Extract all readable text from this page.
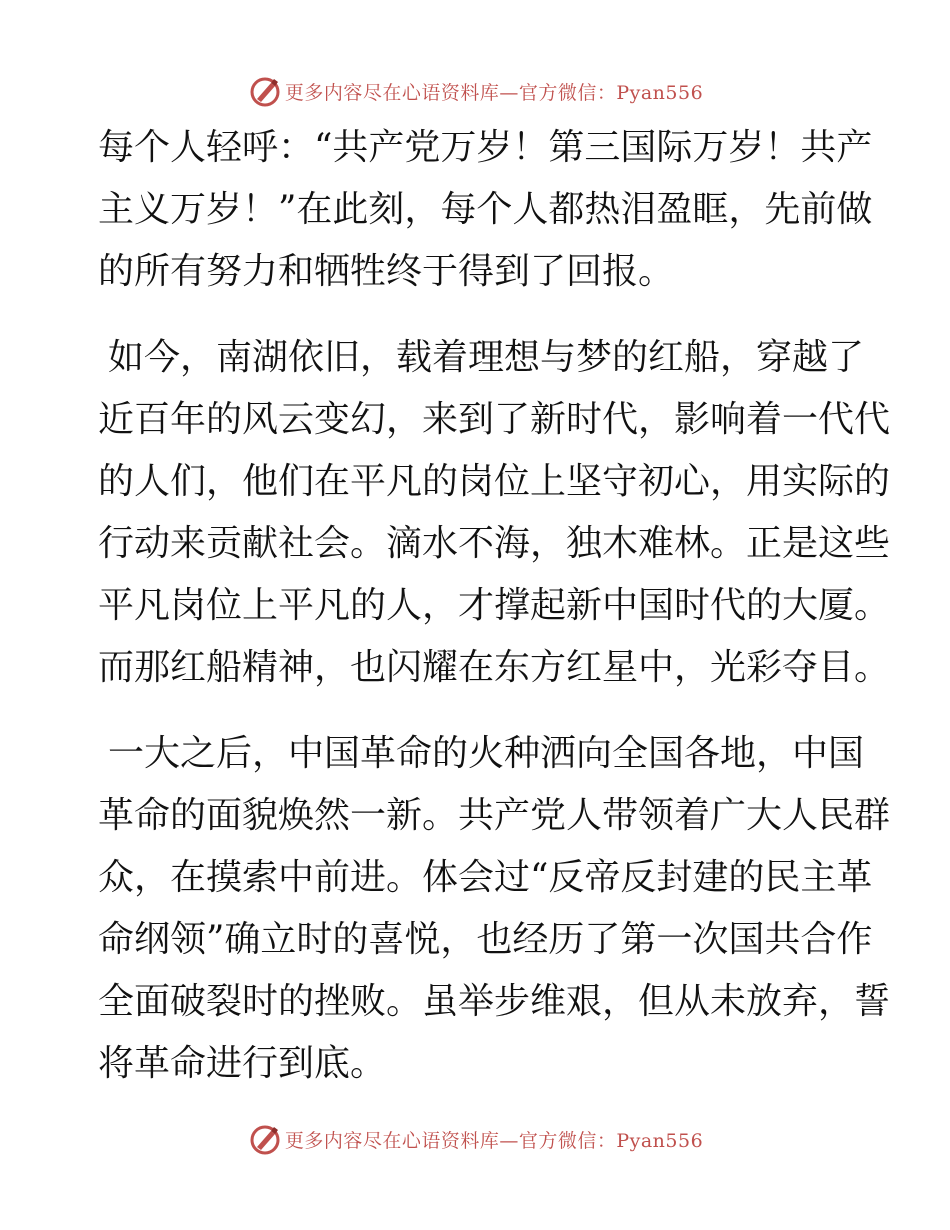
更多内容尽在心语资料库—官方微信：Pyan556
每个人轻呼：“共产党万岁！第三国际万岁！共产
主义万岁！”在此刻，每个人都热泪盈眶，先前做
的所有努力和牺牲终于得到了回报。
如今，南湖依旧，载着理想与梦的红船，穿越了
近百年的风云变幻，来到了新时代，影响着一代代
的人们，他们在平凡的岗位上坚守初心，用实际的
行动来贡献社会。滴水不海，独木难林。正是这些
平凡岗位上平凡的人，才撑起新中国时代的大厦。
而那红船精神，也闪耀在东方红星中，光彩夺目。
一大之后，中国革命的火种洒向全国各地，中国
革命的面貌焕然一新。共产党人带领着广大人民群
众，在摸索中前进。体会过“反帝反封建的民主革
命纲领”确立时的喜悦，也经历了第一次国共合作
全面破裂时的挫败。虽举步维艰，但从未放弃，誓
将革命进行到底。
更多内容尽在心语资料库—官方微信：Pyan556
